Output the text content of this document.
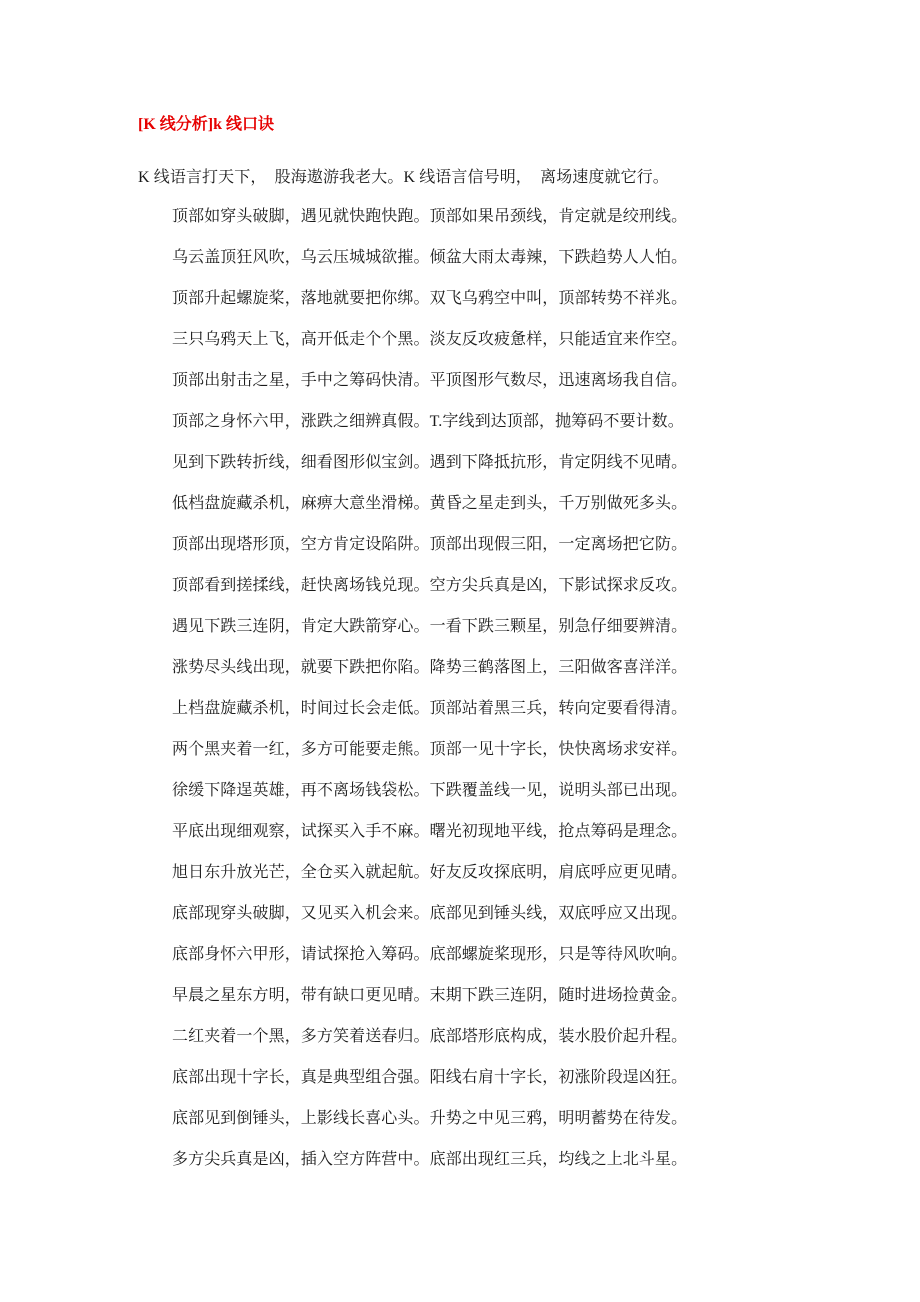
[K 线分析]k 线口诀
K 线语言打天下，  股海遨游我老大。K 线语言信号明，  离场速度就它行。

顶部如穿头破脚，遇见就快跑快跑。顶部如果吊颈线，肯定就是绞刑线。

乌云盖顶狂风吹，乌云压城城欲摧。倾盆大雨太毒辣，下跌趋势人人怕。

顶部升起螺旋桨，落地就要把你绑。双飞乌鸦空中叫，顶部转势不祥兆。

三只乌鸦天上飞，高开低走个个黑。淡友反攻疲惫样，只能适宜来作空。

顶部出射击之星，手中之筹码快清。平顶图形气数尽，迅速离场我自信。

顶部之身怀六甲，涨跌之细辨真假。T.字线到达顶部，抛筹码不要计数。

见到下跌转折线，细看图形似宝剑。遇到下降抵抗形，肯定阴线不见晴。

低档盘旋藏杀机，麻痹大意坐滑梯。黄昏之星走到头，千万别做死多头。

顶部出现塔形顶，空方肯定设陷阱。顶部出现假三阳，一定离场把它防。

顶部看到搓揉线，赶快离场钱兑现。空方尖兵真是凶，下影试探求反攻。

遇见下跌三连阴，肯定大跌箭穿心。一看下跌三颗星，别急仔细要辨清。

涨势尽头线出现，就要下跌把你陷。降势三鹤落图上，三阳做客喜洋洋。

上档盘旋藏杀机，时间过长会走低。顶部站着黑三兵，转向定要看得清。

两个黑夹着一红，多方可能要走熊。顶部一见十字长，快快离场求安祥。

徐缓下降逞英雄，再不离场钱袋松。下跌覆盖线一见，说明头部已出现。

平底出现细观察，试探买入手不麻。曙光初现地平线，抢点筹码是理念。

旭日东升放光芒，全仓买入就起航。好友反攻探底明，肩底呼应更见晴。

底部现穿头破脚，又见买入机会来。底部见到锤头线，双底呼应又出现。

底部身怀六甲形，请试探抢入筹码。底部螺旋桨现形，只是等待风吹响。

早晨之星东方明，带有缺口更见晴。末期下跌三连阴，随时进场捡黄金。

二红夹着一个黑，多方笑着送春归。底部塔形底构成，装水股价起升程。

底部出现十字长，真是典型组合强。阳线右肩十字长，初涨阶段逞凶狂。

底部见到倒锤头，上影线长喜心头。升势之中见三鸦，明明蓄势在待发。

多方尖兵真是凶，插入空方阵营中。底部出现红三兵，均线之上北斗星。
